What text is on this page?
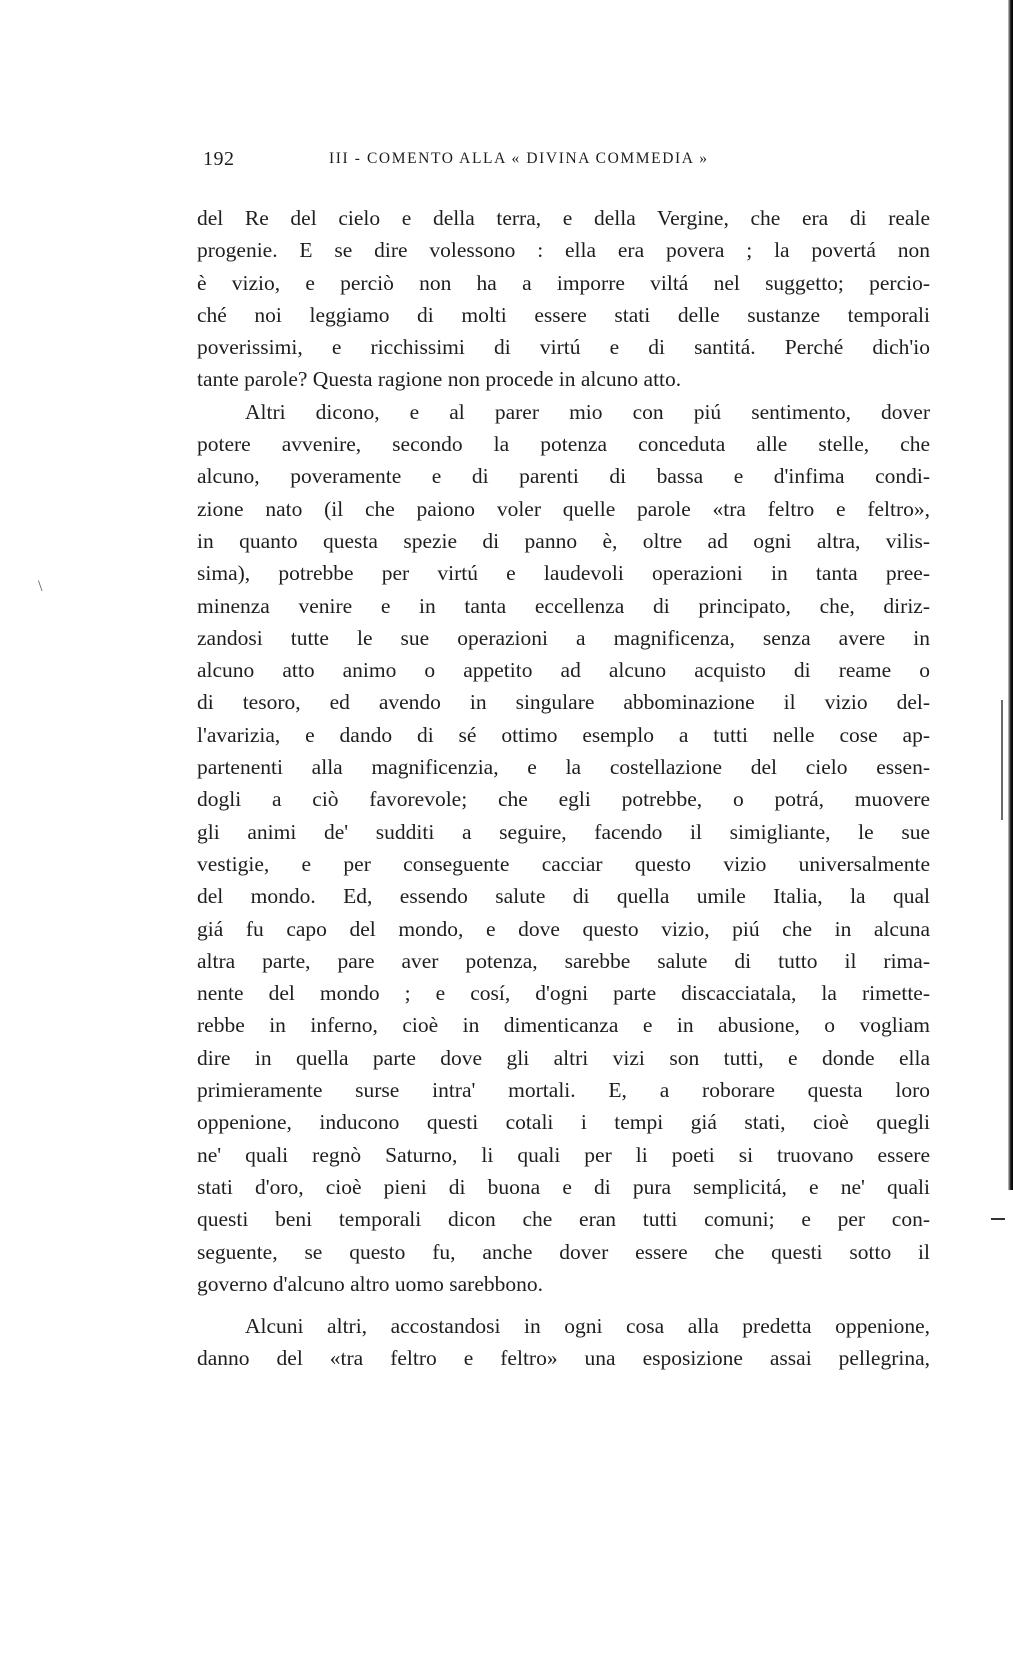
\
192	III - COMENTO ALLA « DIVINA COMMEDIA »

del Re del cielo e della terra, e della Vergine, che era di reale
progenie. E se dire volessono : ella era povera ; la povertá non
è vizio, e perciò non ha a imporre viltá nel suggetto; percio-
ché noi leggiamo di molti essere stati delle sustanze temporali
poverissimi, e ricchissimi di virtú e di santitá. Perché dich'io
tante parole? Questa ragione non procede in alcuno atto.

Altri dicono, e al parer mio con piú sentimento, dover
potere avvenire, secondo la potenza conceduta alle stelle, che
alcuno, poveramente e di parenti di bassa e d'infima condi-
zione nato (il che paiono voler quelle parole «tra feltro e feltro»,
in quanto questa spezie di panno è, oltre ad ogni altra, vilis-
sima), potrebbe per virtú e laudevoli operazioni in tanta pree-
minenza venire e in tanta eccellenza di principato, che, diriz-
zandosi tutte le sue operazioni a magnificenza, senza avere in
alcuno atto animo o appetito ad alcuno acquisto di reame o
di tesoro, ed avendo in singulare abbominazione il vizio del-
l'avarizia, e dando di sé ottimo esemplo a tutti nelle cose ap-
partenenti alla magnificenzia, e la costellazione del cielo essen-
dogli a ciò favorevole; che egli potrebbe, o potrá, muovere
gli animi de' sudditi a seguire, facendo il simigliante, le sue
vestigie, e per conseguente cacciar questo vizio universalmente
del mondo. Ed, essendo salute di quella umile Italia, la qual
giá fu capo del mondo, e dove questo vizio, piú che in alcuna
altra parte, pare aver potenza, sarebbe salute di tutto il rima-
nente del mondo ; e cosí, d'ogni parte discacciatala, la rimette-
rebbe in inferno, cioè in dimenticanza e in abusione, o vogliam
dire in quella parte dove gli altri vizi son tutti, e donde ella
primieramente surse intra' mortali. E, a roborare questa loro
oppenione, inducono questi cotali i tempi giá stati, cioè quegli
ne' quali regnò Saturno, li quali per li poeti si truovano essere
stati d'oro, cioè pieni di buona e di pura semplicitá, e ne' quali
questi beni temporali dicon che eran tutti comuni; e per con-
seguente, se questo fu, anche dover essere che questi sotto il
governo d'alcuno altro uomo sarebbono.

Alcuni altri, accostandosi in ogni cosa alla predetta oppenione,
danno del «tra feltro e feltro» una esposizione assai pellegrina,
